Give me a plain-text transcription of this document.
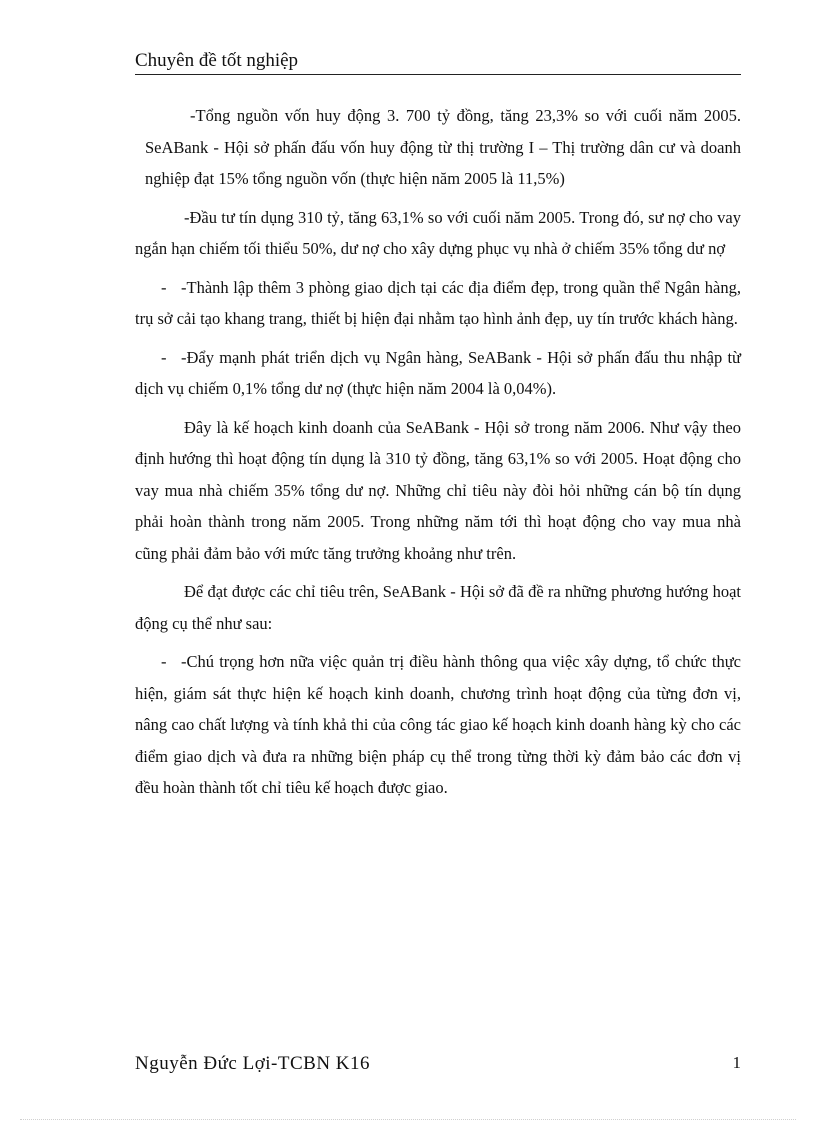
Chuyên đề tốt nghiệp

-Tổng nguồn vốn huy động 3. 700 tỷ đồng, tăng 23,3% so với cuối năm 2005. SeABank - Hội sở phấn đấu vốn huy động từ thị trường I – Thị trường dân cư và doanh nghiệp đạt 15% tổng nguồn vốn (thực hiện năm 2005 là 11,5%)

-Đầu tư tín dụng 310 tỷ, tăng 63,1% so với cuối năm 2005. Trong đó, sư nợ cho vay ngắn hạn chiếm tối thiểu 50%, dư nợ cho xây dựng phục vụ nhà ở chiếm 35% tổng dư nợ

- -Thành lập thêm 3 phòng giao dịch tại các địa điểm đẹp, trong quần thể Ngân hàng, trụ sở cải tạo khang trang, thiết bị hiện đại nhằm tạo hình ảnh đẹp, uy tín trước khách hàng.

- -Đẩy mạnh phát triển dịch vụ Ngân hàng, SeABank - Hội sở phấn đấu thu nhập từ dịch vụ chiếm 0,1% tổng dư nợ (thực hiện năm 2004 là 0,04%).

Đây là kế hoạch kinh doanh của SeABank - Hội sở trong năm 2006. Như vậy theo định hướng thì hoạt động tín dụng là 310 tỷ đồng, tăng 63,1% so với 2005. Hoạt động cho vay mua nhà chiếm 35% tổng dư nợ. Những chỉ tiêu này đòi hỏi những cán bộ tín dụng phải hoàn thành trong năm 2005. Trong những năm tới thì hoạt động cho vay mua nhà cũng phải đảm bảo với mức tăng trưởng khoảng như trên.

Để đạt được các chỉ tiêu trên, SeABank - Hội sở đã đề ra những phương hướng hoạt động cụ thể như sau:

- -Chú trọng hơn nữa việc quản trị điều hành thông qua việc xây dựng, tổ chức thực hiện, giám sát thực hiện kế hoạch kinh doanh, chương trình hoạt động của từng đơn vị, nâng cao chất lượng và tính khả thi của công tác giao kế hoạch kinh doanh hàng kỳ cho các điểm giao dịch và đưa ra những biện pháp cụ thể trong từng thời kỳ đảm bảo các đơn vị đều hoàn thành tốt chỉ tiêu kế hoạch được giao.

Nguyễn Đức Lợi-TCBN K16	1
